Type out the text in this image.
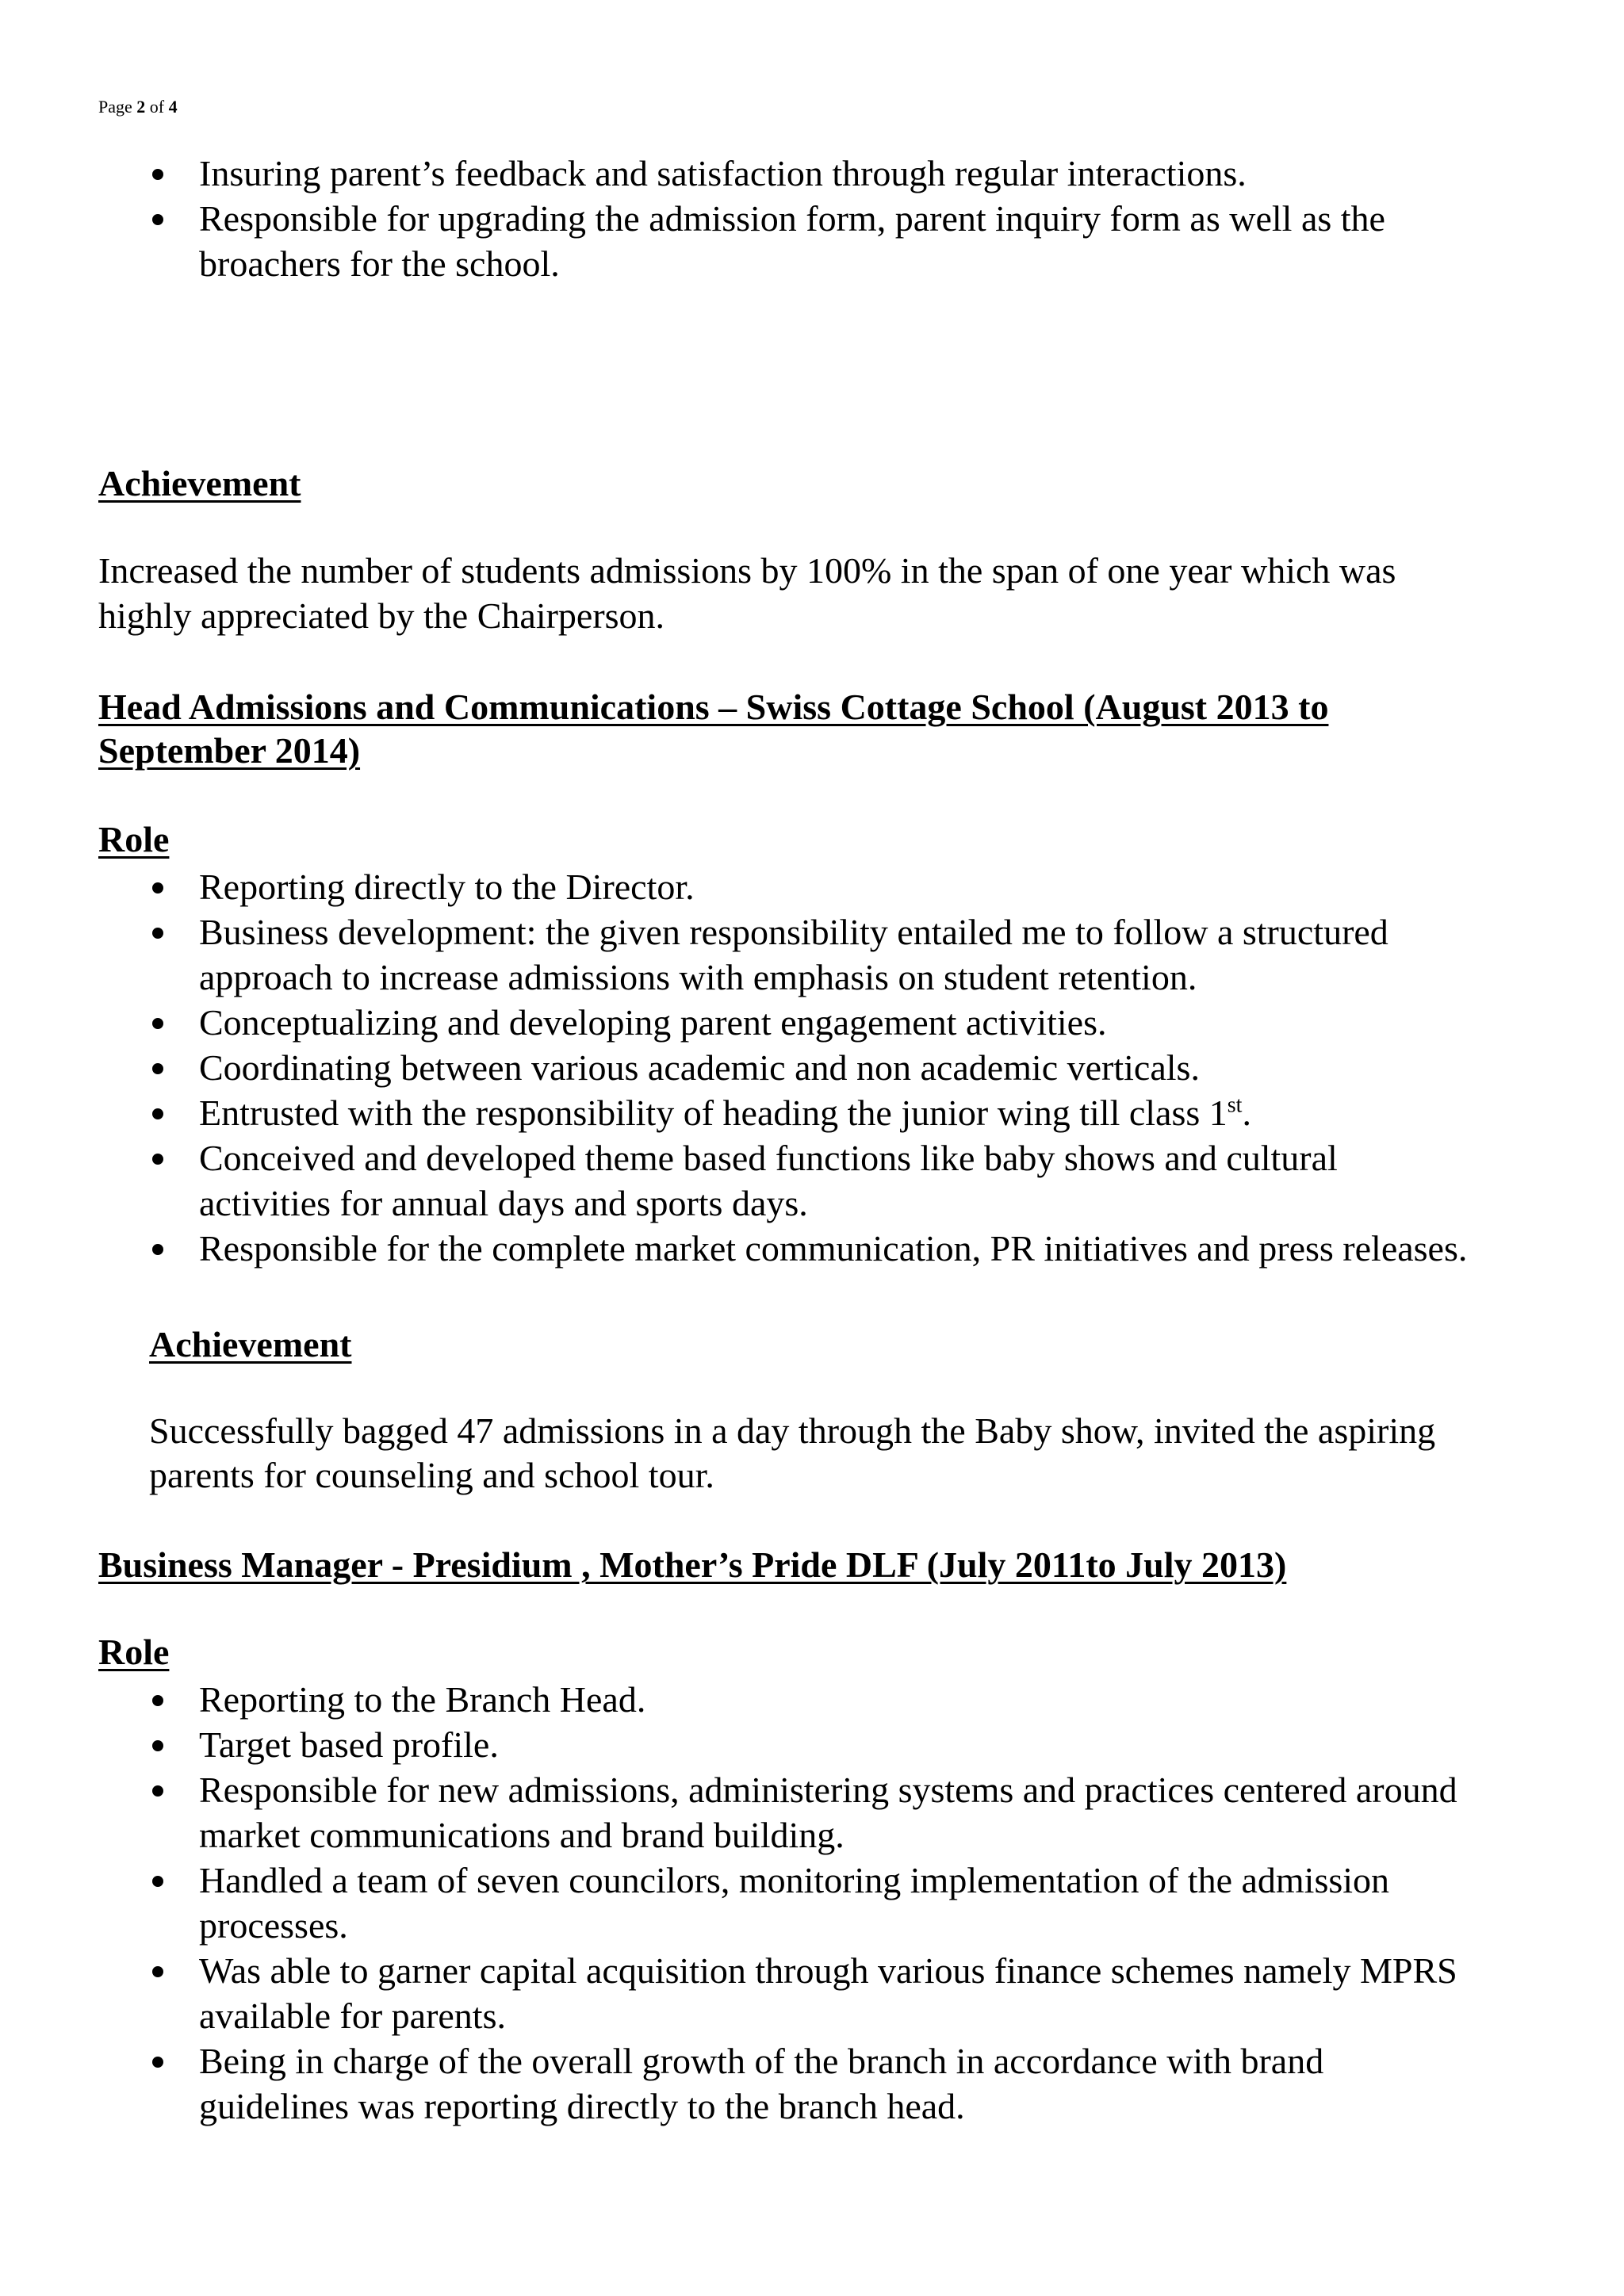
Page 2 of 4
Insuring parent’s feedback and satisfaction through regular interactions.
Responsible for upgrading the admission form, parent inquiry form as well as the
broachers for the school.
Achievement
Increased the number of students admissions by 100% in the span of one year which was
highly appreciated by the Chairperson.
Head Admissions and Communications – Swiss Cottage School (August 2013 to
September 2014)
Role
Reporting directly to the Director.
Business development: the given responsibility entailed me to follow a structured
approach to increase admissions with emphasis on student retention.
Conceptualizing and developing parent engagement activities.
Coordinating between various academic and non academic verticals.
Entrusted with the responsibility of heading the junior wing till class 1st.
Conceived and developed theme based functions like baby shows and cultural
activities for annual days and sports days.
Responsible for the complete market communication, PR initiatives and press releases.
Achievement
Successfully bagged 47 admissions in a day through the Baby show, invited the aspiring
parents for counseling and school tour.
Business Manager - Presidium , Mother’s Pride DLF (July 2011to July 2013)
Role
Reporting to the Branch Head.
Target based profile.
Responsible for new admissions, administering systems and practices centered around
market communications and brand building.
Handled a team of seven councilors, monitoring implementation of the admission
processes.
Was able to garner capital acquisition through various finance schemes namely MPRS
available for parents.
Being in charge of the overall growth of the branch in accordance with brand
guidelines was reporting directly to the branch head.
